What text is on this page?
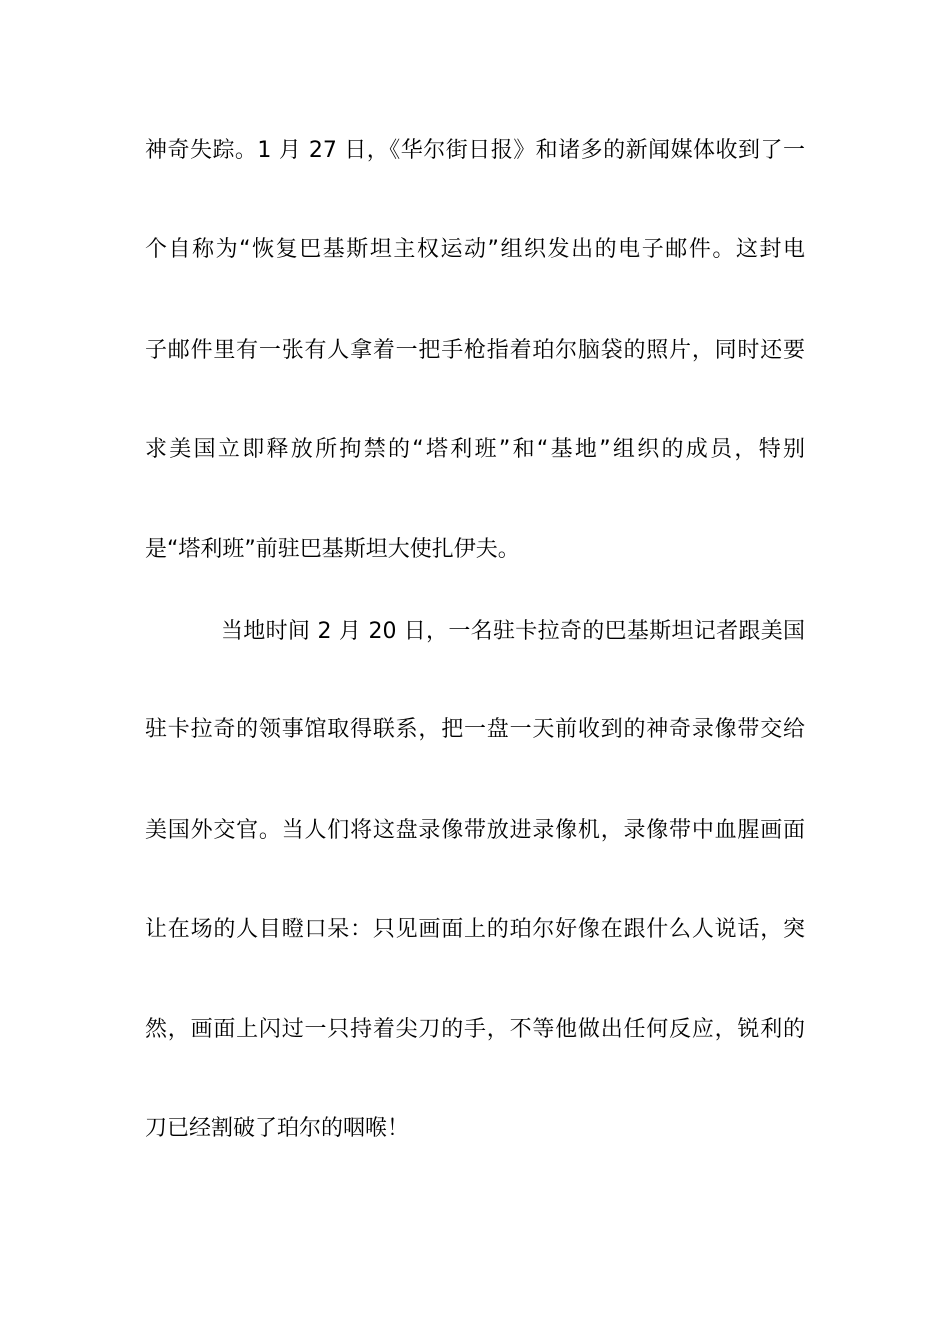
神奇失踪。1 月 27 日，《华尔街日报》和诸多的新闻媒体收到了一
个自称为“恢复巴基斯坦主权运动”组织发出的电子邮件。这封电
子邮件里有一张有人拿着一把手枪指着珀尔脑袋的照片，同时还要
求美国立即释放所拘禁的“塔利班”和“基地”组织的成员，特别
是“塔利班”前驻巴基斯坦大使扎伊夫。
当地时间 2 月 20 日，一名驻卡拉奇的巴基斯坦记者跟美国
驻卡拉奇的领事馆取得联系，把一盘一天前收到的神奇录像带交给
美国外交官。当人们将这盘录像带放进录像机，录像带中血腥画面
让在场的人目瞪口呆：只见画面上的珀尔好像在跟什么人说话，突
然，画面上闪过一只持着尖刀的手，不等他做出任何反应，锐利的
刀已经割破了珀尔的咽喉！
